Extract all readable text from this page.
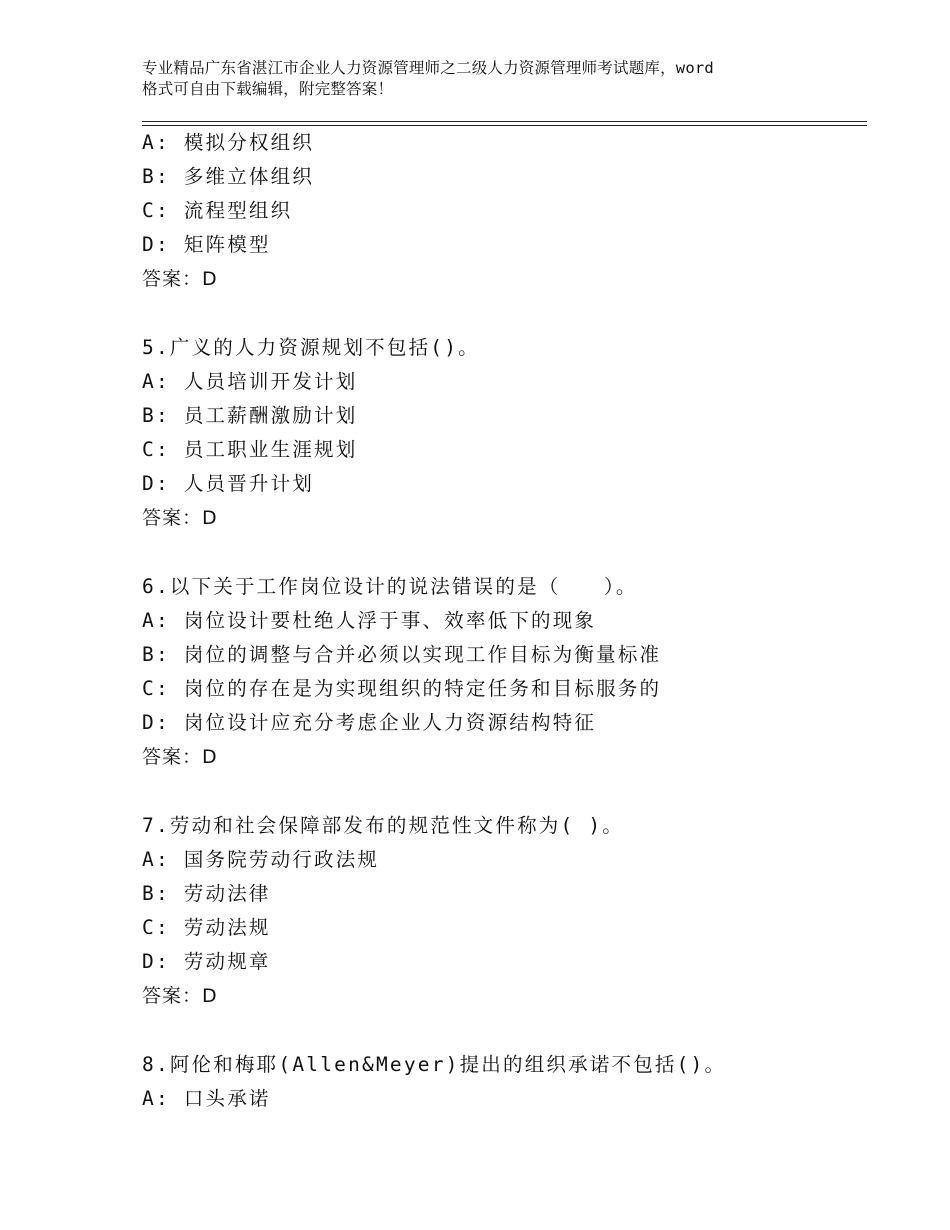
专业精品广东省湛江市企业人力资源管理师之二级人力资源管理师考试题库，word
格式可自由下载编辑，附完整答案！
A: 模拟分权组织
B: 多维立体组织
C: 流程型组织
D: 矩阵模型
答案：D
5.广义的人力资源规划不包括()。
A: 人员培训开发计划
B: 员工薪酬激励计划
C: 员工职业生涯规划
D: 人员晋升计划
答案：D
6.以下关于工作岗位设计的说法错误的是（　　）。
A: 岗位设计要杜绝人浮于事、效率低下的现象
B: 岗位的调整与合并必须以实现工作目标为衡量标准
C: 岗位的存在是为实现组织的特定任务和目标服务的
D: 岗位设计应充分考虑企业人力资源结构特征
答案：D
7.劳动和社会保障部发布的规范性文件称为( )。
A: 国务院劳动行政法规
B: 劳动法律
C: 劳动法规
D: 劳动规章
答案：D
8.阿伦和梅耶(Allen&Meyer)提出的组织承诺不包括()。
A: 口头承诺
